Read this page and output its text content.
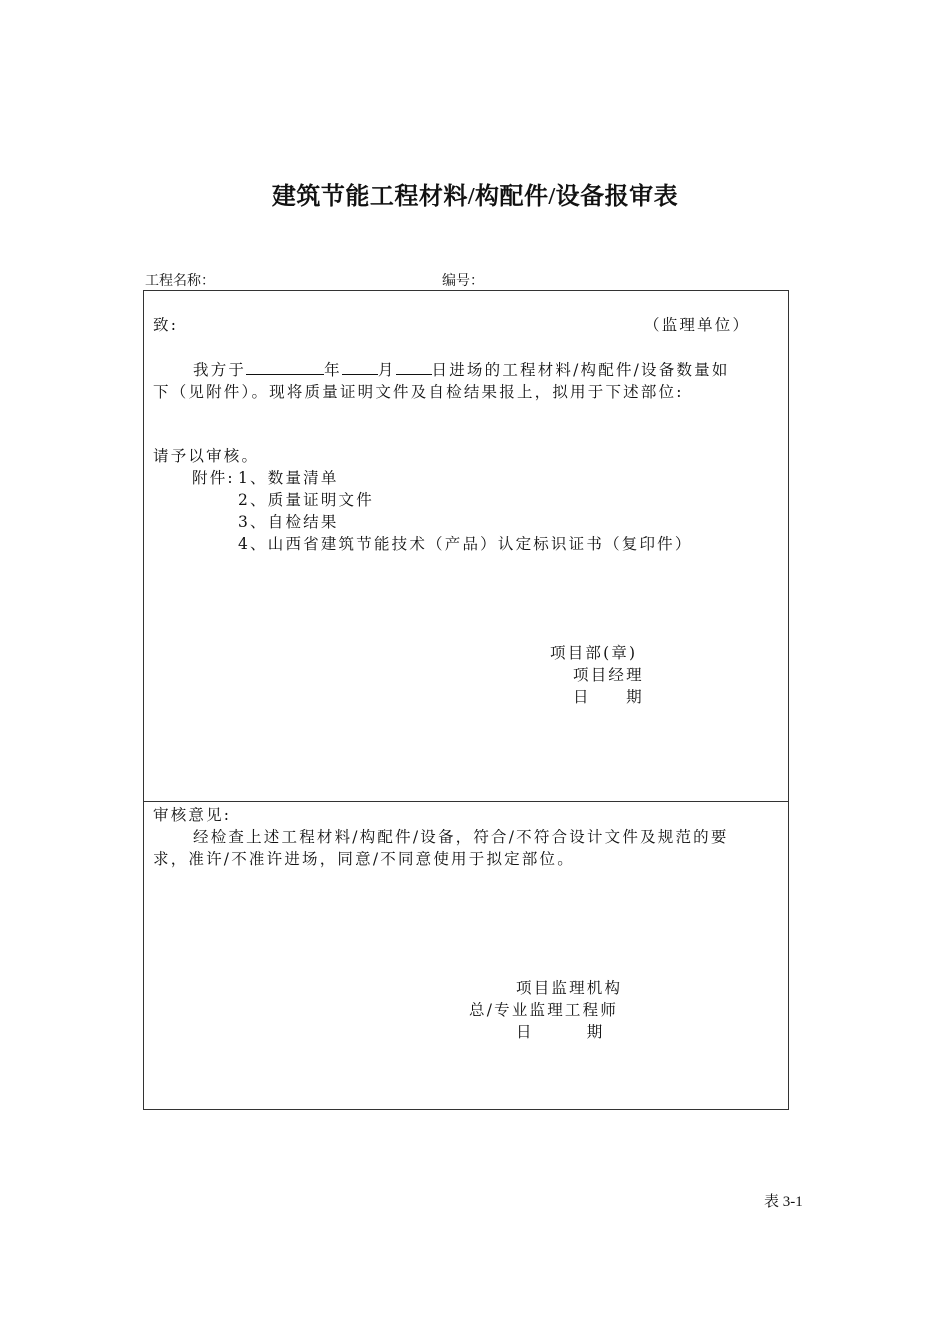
建筑节能工程材料/构配件/设备报审表
工程名称：	编号：
致:	（监理单位）
我方于	年 月 日进场的工程材料/构配件/设备数量如
下（见附件）。现将质量证明文件及自检结果报上，拟用于下述部位:
请予以审核。
附件: 1、数量清单
2、质量证明文件
3、自检结果
4、山西省建筑节能技术（产品）认定标识证书（复印件）
项目部(章)
项目经理
日　　期
审核意见:
经检查上述工程材料/构配件/设备，符合/不符合设计文件及规范的要
求，准许/不准许进场，同意/不同意使用于拟定部位。
项目监理机构
总/专业监理工程师
日　　　期
表 3-1
